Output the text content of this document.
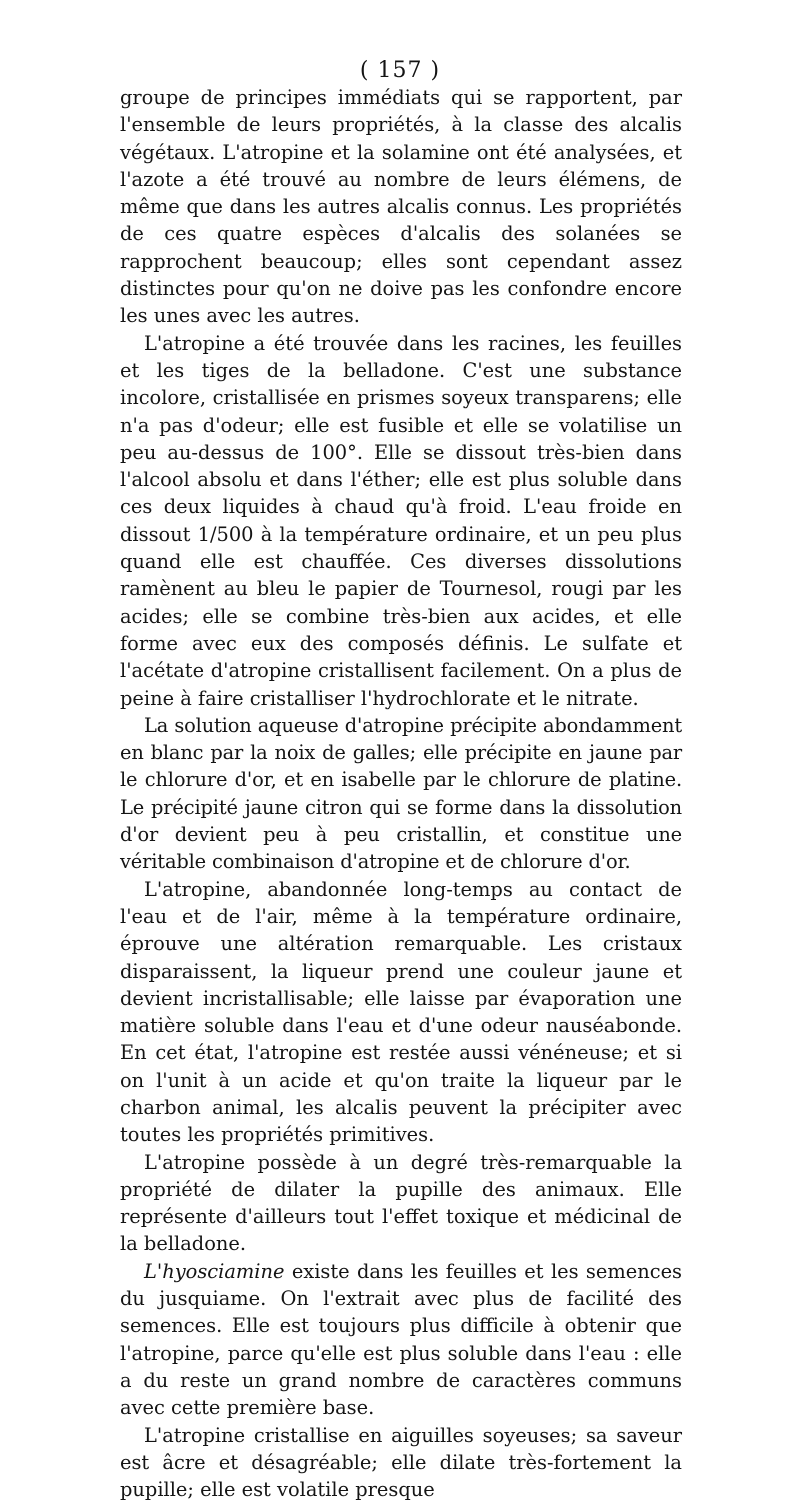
( 157 )

groupe de principes immédiats qui se rapportent, par l'ensemble de leurs propriétés, à la classe des alcalis végétaux. L'atropine et la solamine ont été analysées, et l'azote a été trouvé au nombre de leurs élémens, de même que dans les autres alcalis connus. Les propriétés de ces quatre espèces d'alcalis des solanées se rapprochent beaucoup; elles sont cependant assez distinctes pour qu'on ne doive pas les confondre encore les unes avec les autres.

L'atropine a été trouvée dans les racines, les feuilles et les tiges de la belladone. C'est une substance incolore, cristallisée en prismes soyeux transparens; elle n'a pas d'odeur; elle est fusible et elle se volatilise un peu au-dessus de 100°. Elle se dissout très-bien dans l'alcool absolu et dans l'éther; elle est plus soluble dans ces deux liquides à chaud qu'à froid. L'eau froide en dissout 1/500 à la température ordinaire, et un peu plus quand elle est chauffée. Ces diverses dissolutions ramènent au bleu le papier de Tournesol, rougi par les acides; elle se combine très-bien aux acides, et elle forme avec eux des composés définis. Le sulfate et l'acétate d'atropine cristallisent facilement. On a plus de peine à faire cristalliser l'hydrochlorate et le nitrate.

La solution aqueuse d'atropine précipite abondamment en blanc par la noix de galles; elle précipite en jaune par le chlorure d'or, et en isabelle par le chlorure de platine. Le précipité jaune citron qui se forme dans la dissolution d'or devient peu à peu cristallin, et constitue une véritable combinaison d'atropine et de chlorure d'or.

L'atropine, abandonnée long-temps au contact de l'eau et de l'air, même à la température ordinaire, éprouve une altération remarquable. Les cristaux disparaissent, la liqueur prend une couleur jaune et devient incristallisable; elle laisse par évaporation une matière soluble dans l'eau et d'une odeur nauséabonde. En cet état, l'atropine est restée aussi vénéneuse; et si on l'unit à un acide et qu'on traite la liqueur par le charbon animal, les alcalis peuvent la précipiter avec toutes les propriétés primitives.

L'atropine possède à un degré très-remarquable la propriété de dilater la pupille des animaux. Elle représente d'ailleurs tout l'effet toxique et médicinal de la belladone.

L'hyosciamine existe dans les feuilles et les semences du jusquiame. On l'extrait avec plus de facilité des semences. Elle est toujours plus difficile à obtenir que l'atropine, parce qu'elle est plus soluble dans l'eau : elle a du reste un grand nombre de caractères communs avec cette première base.

L'atropine cristallise en aiguilles soyeuses; sa saveur est âcre et désagréable; elle dilate très-fortement la pupille; elle est volatile presque
